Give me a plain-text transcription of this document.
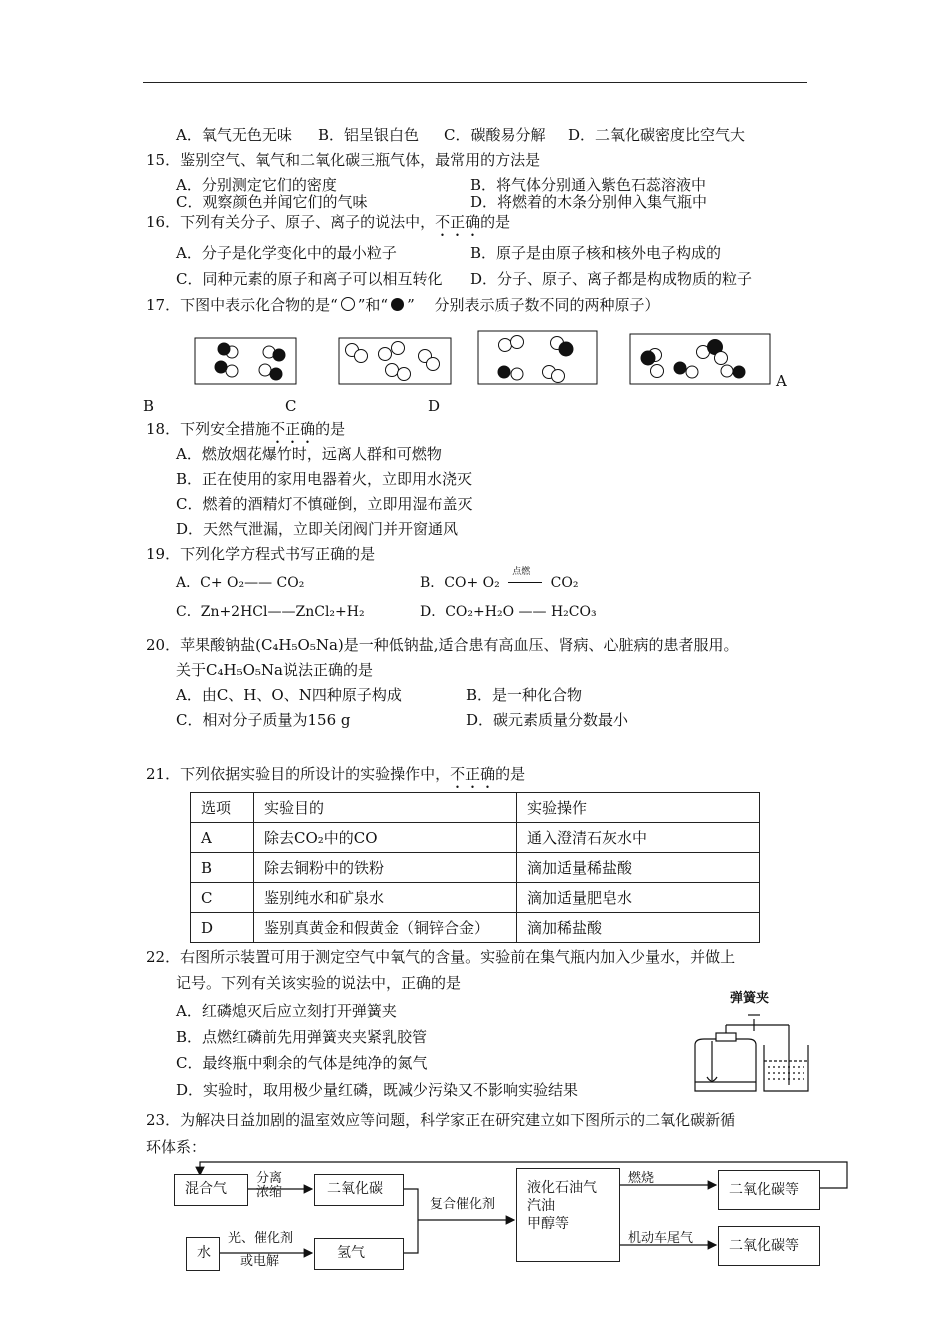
A．氧气无色无味 B．铝呈银白色 C．碳酸易分解 D．二氧化碳密度比空气大
15．鉴别空气、氧气和二氧化碳三瓶气体，最常用的方法是
A．分别测定它们的密度	B．将气体分别通入紫色石蕊溶液中
C．观察颜色并闻它们的气味	D．将燃着的木条分别伸入集气瓶中
16．下列有关分子、原子、离子的说法中，不正确的是
A．分子是化学变化中的最小粒子	B．原子是由原子核和核外电子构成的
C．同种元素的原子和离子可以相互转化 D．分子、原子、离子都是构成物质的粒子
17．下图中表示化合物的是“ ”和“ ”　 分别表示质子数不同的两种原子）
A
B	C	D
18．下列安全措施不正确的是
A．燃放烟花爆竹时，远离人群和可燃物
B．正在使用的家用电器着火，立即用水浇灭
C．燃着的酒精灯不慎碰倒，立即用湿布盖灭
D．天然气泄漏，立即关闭阀门并开窗通风
19．下列化学方程式书写正确的是
A．C+ O₂—— CO₂	B．CO+ O₂
点燃
CO₂
C．Zn+2HCl——ZnCl₂+H₂	D．CO₂+H₂O —— H₂CO₃
20．苹果酸钠盐(C₄H₅O₅Na)是一种低钠盐,适合患有高血压、肾病、心脏病的患者服用。
关于C₄H₅O₅Na说法正确的是
A．由C、H、O、N四种原子构成	B．是一种化合物
C．相对分子质量为156 g	D．碳元素质量分数最小
21．下列依据实验目的所设计的实验操作中，不正确的是
选项	实验目的	实验操作
A	除去CO₂中的CO	通入澄清石灰水中
B	除去铜粉中的铁粉	滴加适量稀盐酸
C	鉴别纯水和矿泉水	滴加适量肥皂水
D	鉴别真黄金和假黄金（铜锌合金）	滴加稀盐酸
22．右图所示装置可用于测定空气中氧气的含量。实验前在集气瓶内加入少量水，并做上
记号。下列有关该实验的说法中，正确的是
A．红磷熄灭后应立刻打开弹簧夹
B．点燃红磷前先用弹簧夹夹紧乳胶管
C．最终瓶中剩余的气体是纯净的氮气
D．实验时，取用极少量红磷，既减少污染又不影响实验结果
弹簧夹
23．为解决日益加剧的温室效应等问题，科学家正在研究建立如下图所示的二氧化碳新循
环体系：
混合气	二氧化碳
水	氢气
液化石油气
汽油
甲醇等
二氧化碳等
二氧化碳等
分离
浓缩
光、催化剂
或电解
复合催化剂
燃烧
机动车尾气
